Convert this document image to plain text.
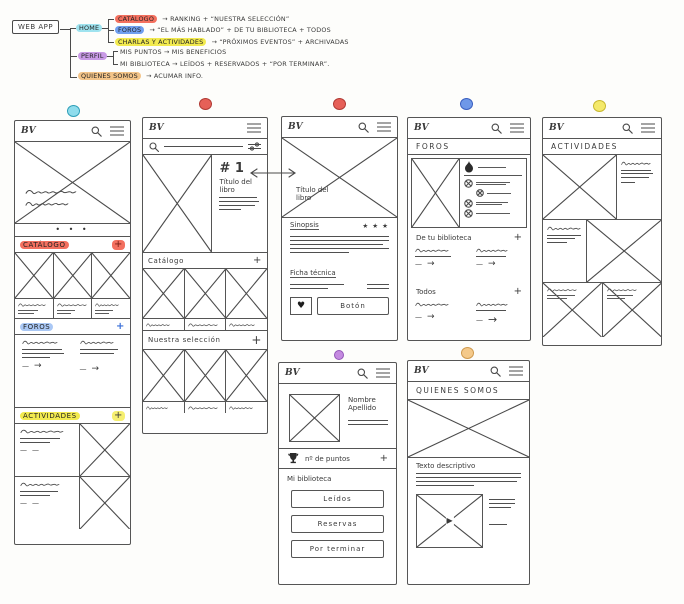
WEB APP	HOME
CATÁLOGO → RANKING + “NUESTRA SELECCIÓN”
FOROS → “EL MÁS HABLADO” + DE TU BIBLIOTECA + TODOS
CHARLAS Y ACTIVIDADES → “PRÓXIMOS EVENTOS” + ARCHIVADAS
PERFIL	MIS PUNTOS → MIS BENEFICIOS
MI BIBLIOTECA → LEÍDOS + RESERVADOS + “POR TERMINAR”.
QUIENES SOMOS → ACUMAR INFO.
BV
• • •
CATÁLOGO	+
FOROS	+
— →	— →
ACTIVIDADES	+
— —
— —
BV
# 1
Título del
libro
Catálogo	+
Nuestra selección	+
BV
Título del
libro
Sinopsis	★ ★ ★
Ficha técnica
♥	Botón
BV
FOROS
De tu biblioteca	+
— →	— →
Todos	+
— →	— →
BV
ACTIVIDADES
BV
Nombre
Apellido
nº de puntos	+
Mi biblioteca
Leídos
Reservas
Por terminar
BV
QUIENES SOMOS
Texto descriptivo
▶
